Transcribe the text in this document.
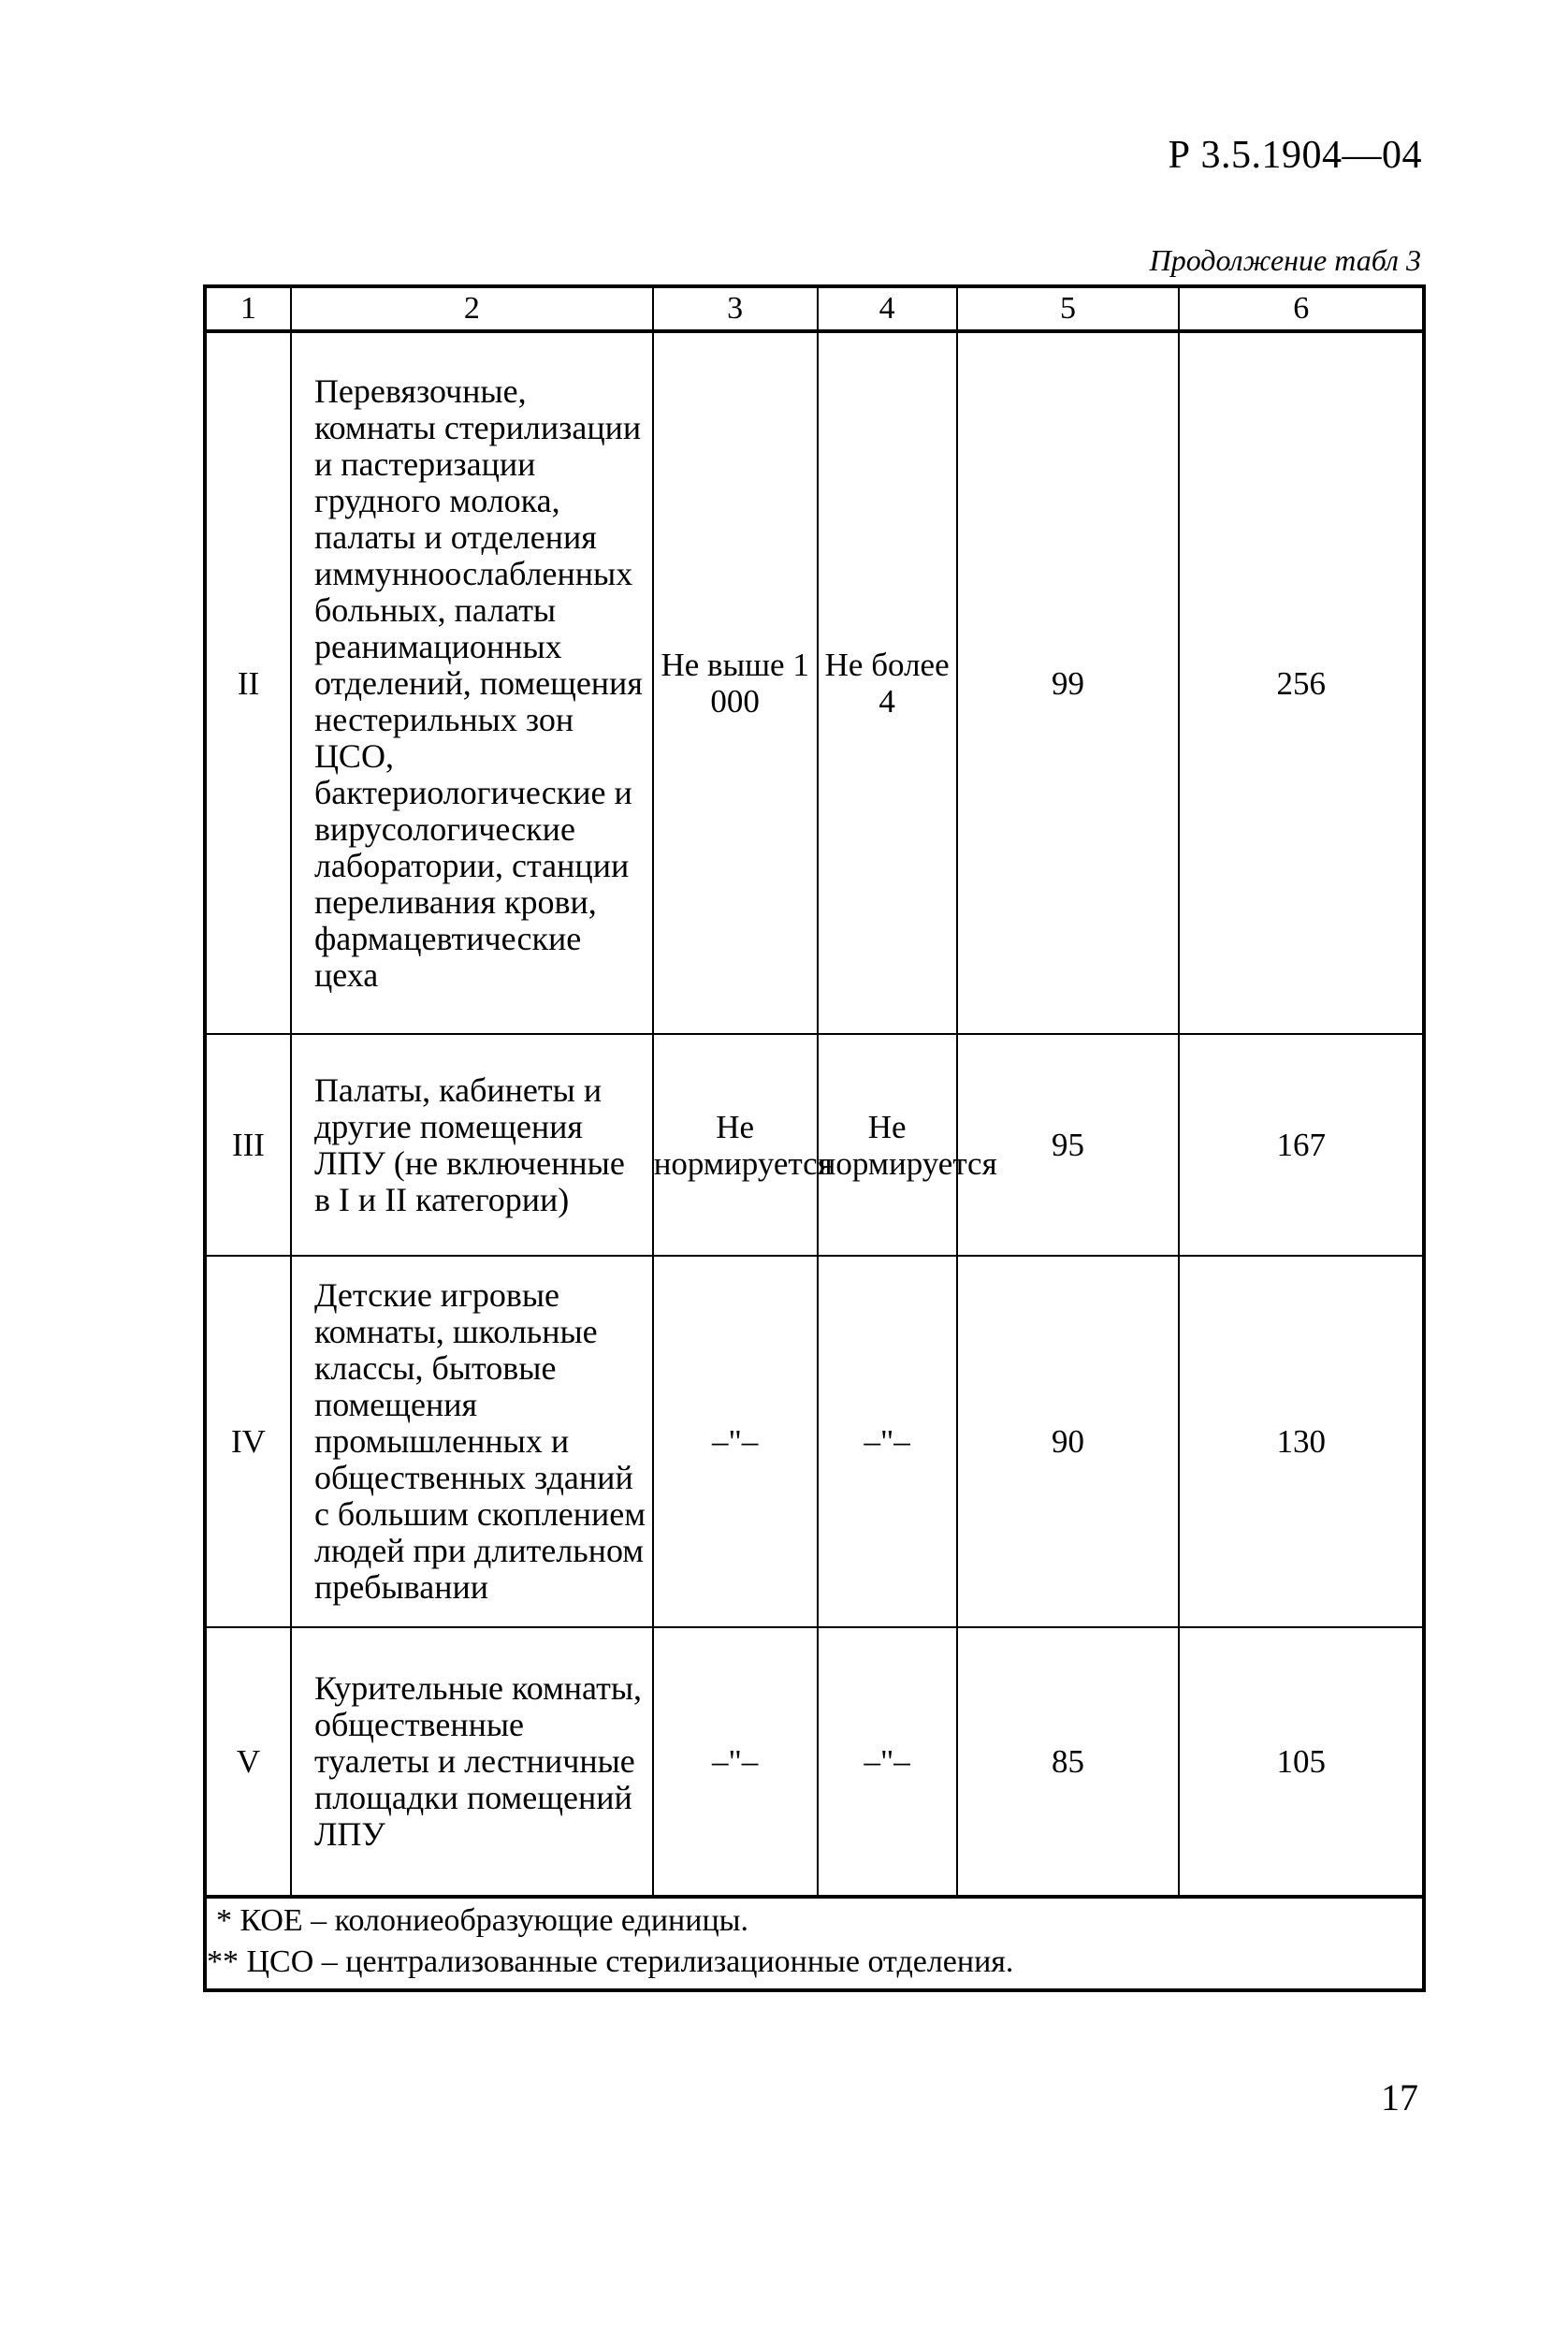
Р 3.5.1904—04
Продолжение табл 3
1	2	3	4	5	6
II	Перевязочные, комнаты стерилизации и пастеризации грудного молока, палаты и отделения иммунноослабленных больных, палаты реанимационных отделений, помещения нестерильных зон ЦСО, бактериологические и вирусологические лаборатории, станции переливания крови, фармацевтические цеха	Не выше 1 000	Не более 4	99	256
III	Палаты, кабинеты и другие помещения ЛПУ (не включенные в I и II категории)	Не нормируется	Не нормируется	95	167
IV	Детские игровые комнаты, школьные классы, бытовые помещения промышленных и общественных зданий с большим скоплением людей при длительном пребывании	–"–	–"–	90	130
V	Курительные комнаты, общественные туалеты и лестничные площадки помещений ЛПУ	–"–	–"–	85	105

* КОЕ – колониеобразующие единицы.
** ЦСО – централизованные стерилизационные отделения.					
17
